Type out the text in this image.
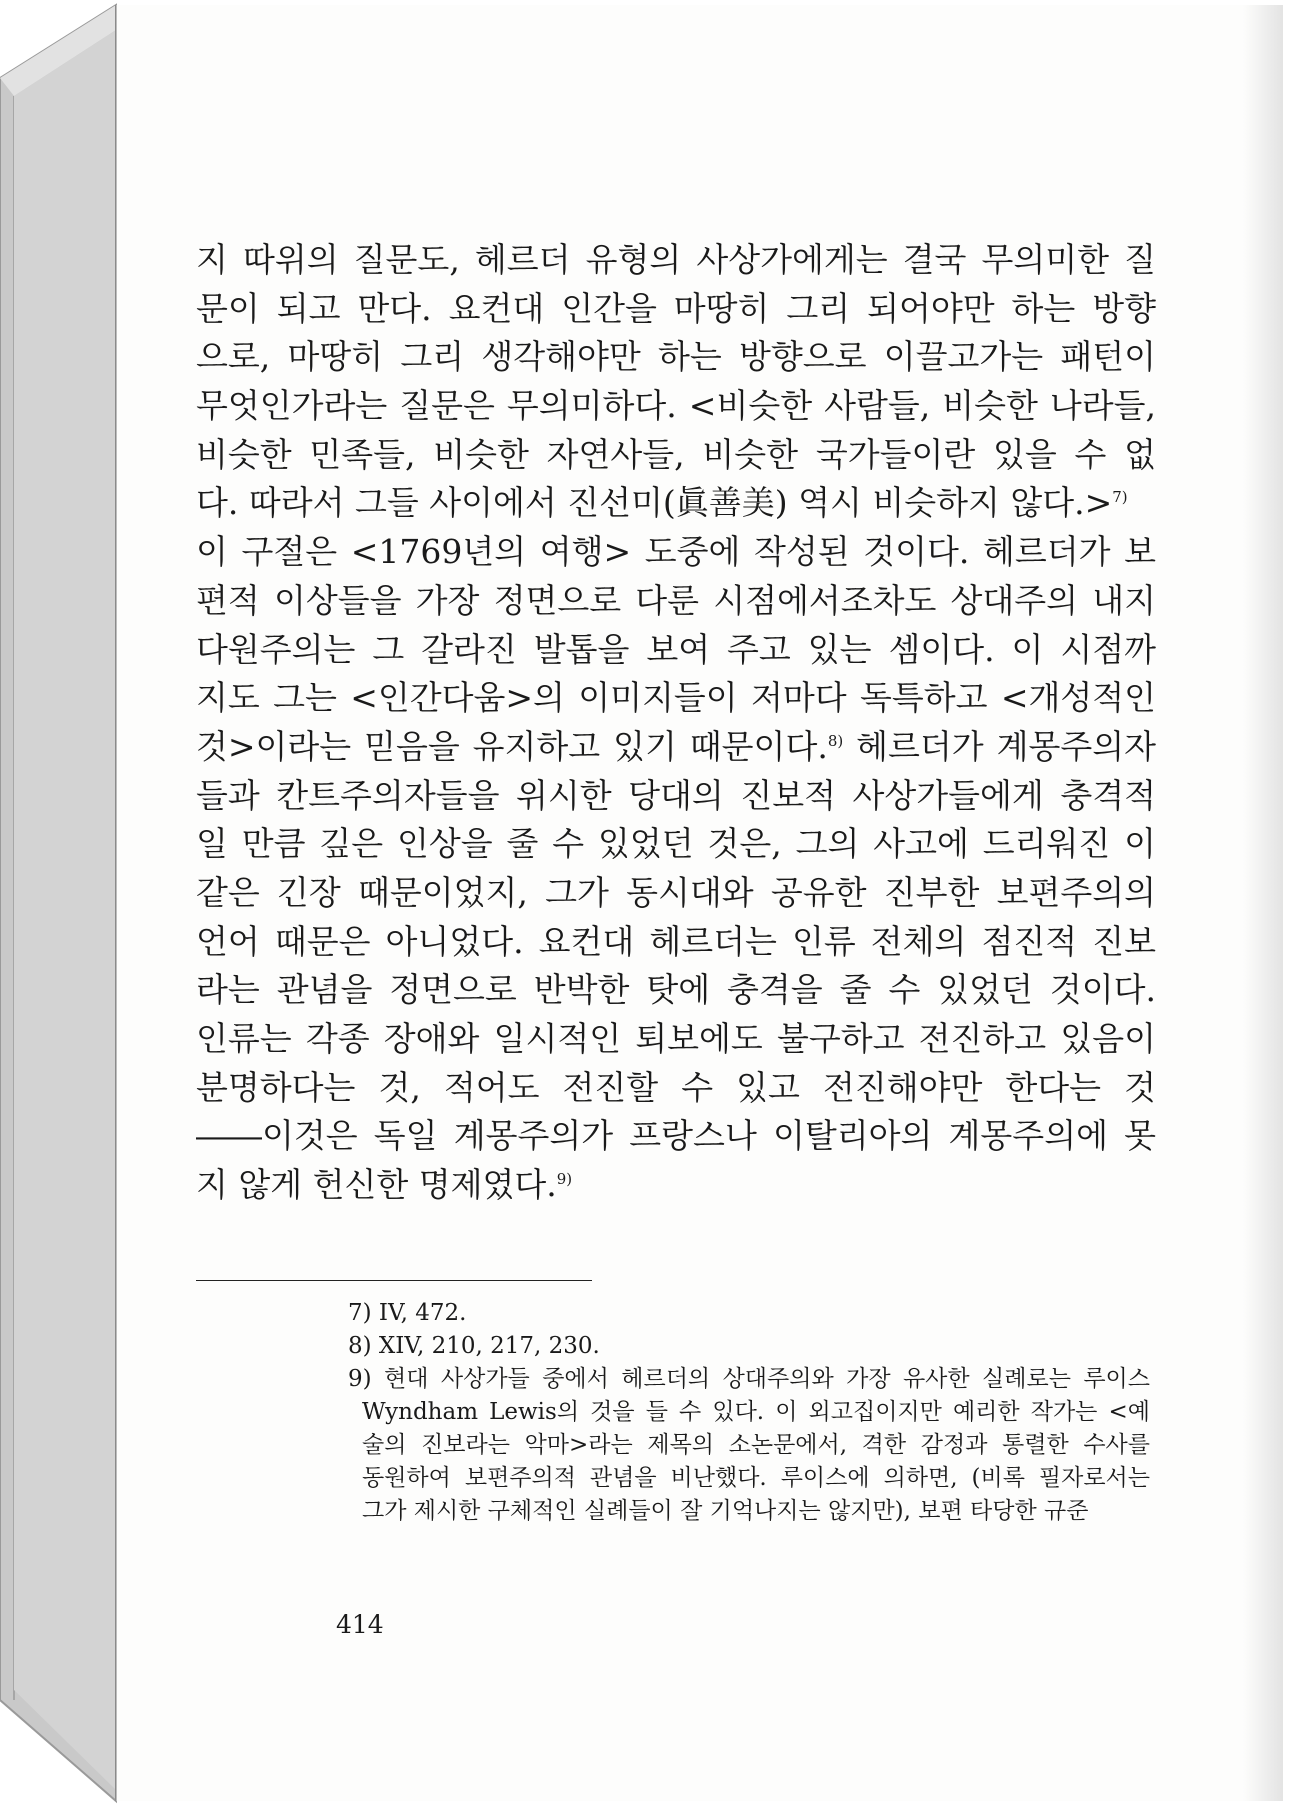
지 따위의 질문도, 헤르더 유형의 사상가에게는 결국 무의미한 질
문이 되고 만다. 요컨대 인간을 마땅히 그리 되어야만 하는 방향
으로, 마땅히 그리 생각해야만 하는 방향으로 이끌고가는 패턴이
무엇인가라는 질문은 무의미하다. <비슷한 사람들, 비슷한 나라들,
비슷한 민족들, 비슷한 자연사들, 비슷한 국가들이란 있을 수 없
다. 따라서 그들 사이에서 진선미(眞善美) 역시 비슷하지 않다.>$^{7)}$
이 구절은 <1769년의 여행> 도중에 작성된 것이다. 헤르더가 보
편적 이상들을 가장 정면으로 다룬 시점에서조차도 상대주의 내지
다원주의는 그 갈라진 발톱을 보여 주고 있는 셈이다. 이 시점까
지도 그는 <인간다움>의 이미지들이 저마다 독특하고 <개성적인
것>이라는 믿음을 유지하고 있기 때문이다.$^{8)}$ 헤르더가 계몽주의자
들과 칸트주의자들을 위시한 당대의 진보적 사상가들에게 충격적
일 만큼 깊은 인상을 줄 수 있었던 것은, 그의 사고에 드리워진 이
같은 긴장 때문이었지, 그가 동시대와 공유한 진부한 보편주의의
언어 때문은 아니었다. 요컨대 헤르더는 인류 전체의 점진적 진보
라는 관념을 정면으로 반박한 탓에 충격을 줄 수 있었던 것이다.
인류는 각종 장애와 일시적인 퇴보에도 불구하고 전진하고 있음이
분명하다는 것, 적어도 전진할 수 있고 전진해야만 한다는 것
――이것은 독일 계몽주의가 프랑스나 이탈리아의 계몽주의에 못
지 않게 헌신한 명제였다.$^{9)}$
7) IV, 472.
8) XIV, 210, 217, 230.
9) 현대 사상가들 중에서 헤르더의 상대주의와 가장 유사한 실례로는 루이스
Wyndham Lewis의 것을 들 수 있다. 이 외고집이지만 예리한 작가는 <예
술의 진보라는 악마>라는 제목의 소논문에서, 격한 감정과 통렬한 수사를
동원하여 보편주의적 관념을 비난했다. 루이스에 의하면, (비록 필자로서는
그가 제시한 구체적인 실례들이 잘 기억나지는 않지만), 보편 타당한 규준
414
